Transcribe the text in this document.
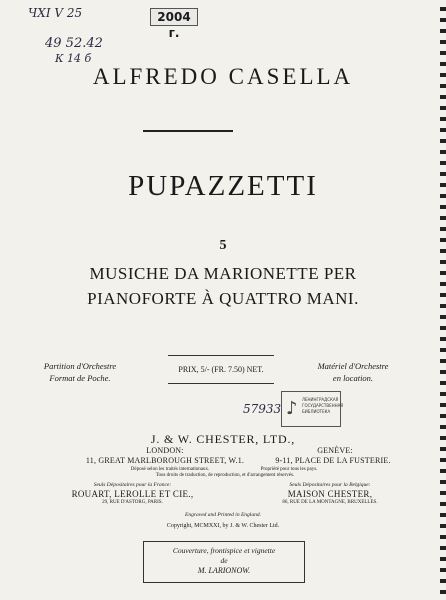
ЧХІ V 25	2004 г.
49 52.42
К 14 б
ALFREDO CASELLA
PUPAZZETTI
5
MUSICHE DA MARIONETTE PER
PIANOFORTE À QUATTRO MANI.
Partition d'Orchestre
Format de Poche.
PRIX, 5/- (FR. 7.50) NET.	Matériel d'Orchestre
en location.
57933 ♪ ЛЕНИНГРАДСКАЯ
ГОСУДАРСТВЕННАЯ
БИБЛИОТЕКА
J. & W. CHESTER, LTD.,
LONDON:
11, GREAT MARLBOROUGH STREET, W.1.
GENÈVE:
9-11, PLACE DE LA FUSTERIE.
Déposé selon les traités internationaux.	Propriété pour tous les pays.
Tous droits de traduction, de reproduction, et d'arrangement réservés.
Seuls Dépositaires pour la France:
ROUART, LEROLLE ET CIE.,
29, RUE D'ASTORG, PARIS.
Seuls Dépositaires pour la Belgique:
MAISON CHESTER,
86, RUE DE LA MONTAGNE, BRUXELLES.
Engraved and Printed in England.
Copyright, MCMXXI, by J. & W. Chester Ltd.
Couverture, frontispice et vignette
de
M. LARIONOW.
